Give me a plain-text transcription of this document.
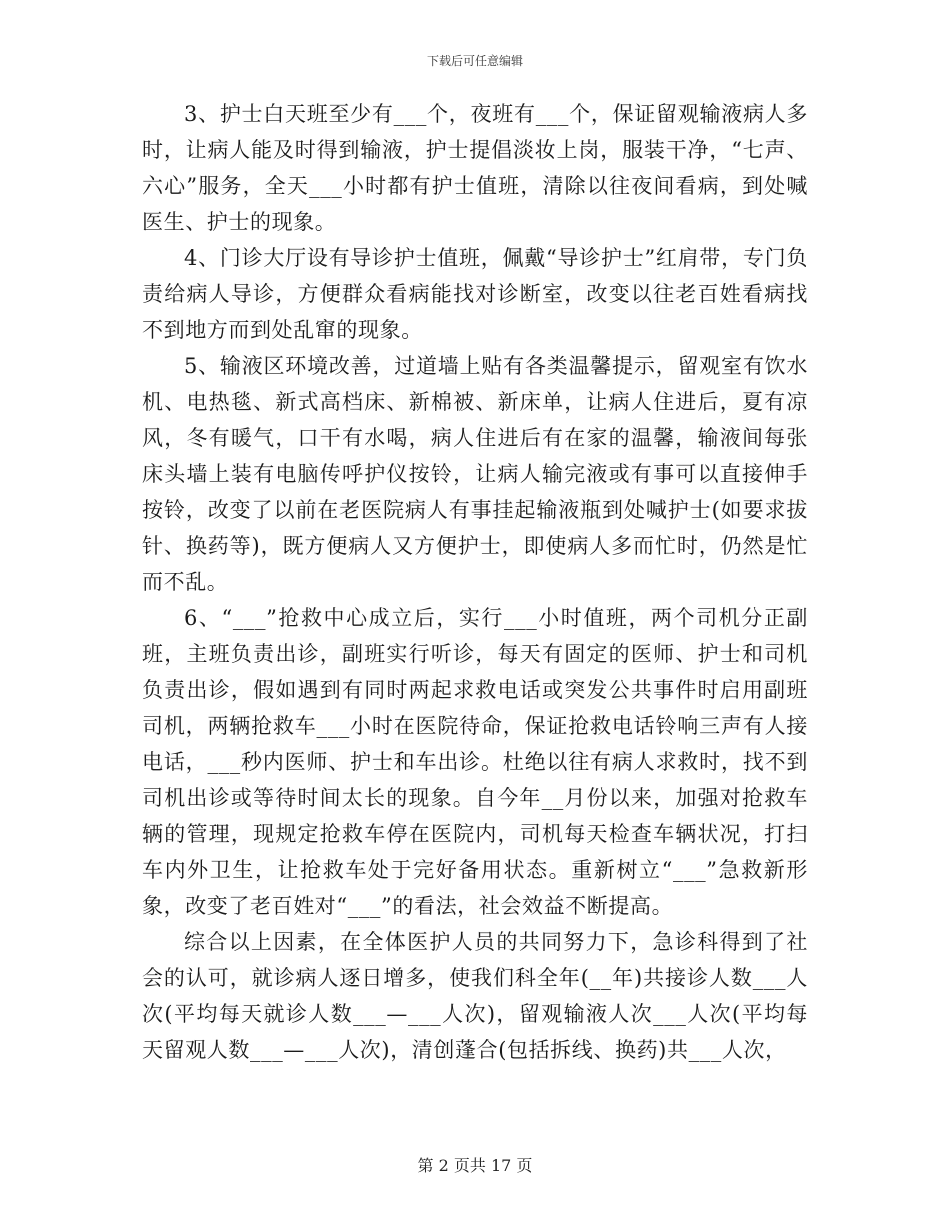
下载后可任意编辑

3、护士白天班至少有___个，夜班有___个，保证留观输液病人多时，让病人能及时得到输液，护士提倡淡妆上岗，服装干净，“七声、六心”服务，全天___小时都有护士值班，清除以往夜间看病，到处喊医生、护士的现象。

4、门诊大厅设有导诊护士值班，佩戴“导诊护士”红肩带，专门负责给病人导诊，方便群众看病能找对诊断室，改变以往老百姓看病找不到地方而到处乱窜的现象。

5、输液区环境改善，过道墙上贴有各类温馨提示，留观室有饮水机、电热毯、新式高档床、新棉被、新床单，让病人住进后，夏有凉风，冬有暖气，口干有水喝，病人住进后有在家的温馨，输液间每张床头墙上装有电脑传呼护仪按铃，让病人输完液或有事可以直接伸手按铃，改变了以前在老医院病人有事挂起输液瓶到处喊护士(如要求拔针、换药等)，既方便病人又方便护士，即使病人多而忙时，仍然是忙而不乱。

6、“___”抢救中心成立后，实行___小时值班，两个司机分正副班，主班负责出诊，副班实行听诊，每天有固定的医师、护士和司机负责出诊，假如遇到有同时两起求救电话或突发公共事件时启用副班司机，两辆抢救车___小时在医院待命，保证抢救电话铃响三声有人接电话，___秒内医师、护士和车出诊。杜绝以往有病人求救时，找不到司机出诊或等待时间太长的现象。自今年__月份以来，加强对抢救车辆的管理，现规定抢救车停在医院内，司机每天检查车辆状况，打扫车内外卫生，让抢救车处于完好备用状态。重新树立“___”急救新形象，改变了老百姓对“___”的看法，社会效益不断提高。

综合以上因素，在全体医护人员的共同努力下，急诊科得到了社会的认可，就诊病人逐日增多，使我们科全年(__年)共接诊人数___人次(平均每天就诊人数___—___人次)，留观输液人次___人次(平均每天留观人数___—___人次)，清创蓬合(包括拆线、换药)共___人次，

第 2 页共 17 页
